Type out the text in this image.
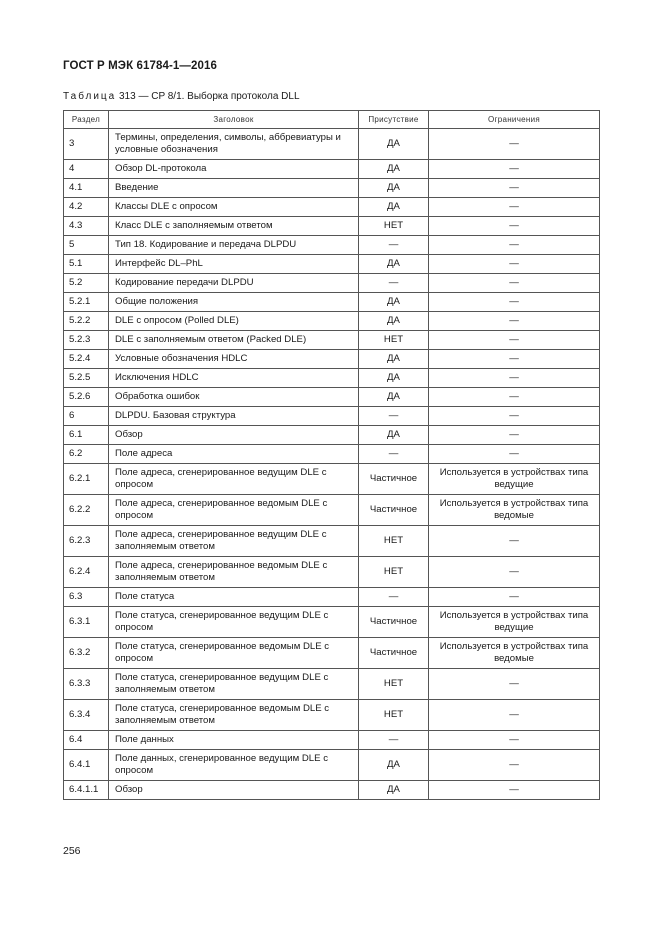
ГОСТ Р МЭК 61784-1—2016
Таблица 313 — CP 8/1. Выборка протокола DLL
Раздел	Заголовок	Присутствие	Ограничения
3	Термины, определения, символы, аббревиатуры и условные обозначения	ДА	—
4	Обзор DL-протокола	ДА	—
4.1	Введение	ДА	—
4.2	Классы DLE с опросом	ДА	—
4.3	Класс DLE с заполняемым ответом	НЕТ	—
5	Тип 18. Кодирование и передача DLPDU	—	—
5.1	Интерфейс DL–PhL	ДА	—
5.2	Кодирование передачи DLPDU	—	—
5.2.1	Общие положения	ДА	—
5.2.2	DLE с опросом (Polled DLE)	ДА	—
5.2.3	DLE с заполняемым ответом (Packed DLE)	НЕТ	—
5.2.4	Условные обозначения HDLC	ДА	—
5.2.5	Исключения HDLC	ДА	—
5.2.6	Обработка ошибок	ДА	—
6	DLPDU. Базовая структура	—	—
6.1	Обзор	ДА	—
6.2	Поле адреса	—	—
6.2.1	Поле адреса, сгенерированное ведущим DLE с опросом	Частичное	Используется в устройствах типа ведущие
6.2.2	Поле адреса, сгенерированное ведомым DLE с опросом	Частичное	Используется в устройствах типа ведомые
6.2.3	Поле адреса, сгенерированное ведущим DLE с заполняемым ответом	НЕТ	—
6.2.4	Поле адреса, сгенерированное ведомым DLE с заполняемым ответом	НЕТ	—
6.3	Поле статуса	—	—
6.3.1	Поле статуса, сгенерированное ведущим DLE с опросом	Частичное	Используется в устройствах типа ведущие
6.3.2	Поле статуса, сгенерированное ведомым DLE с опросом	Частичное	Используется в устройствах типа ведомые
6.3.3	Поле статуса, сгенерированное ведущим DLE с заполняемым ответом	НЕТ	—
6.3.4	Поле статуса, сгенерированное ведомым DLE с заполняемым ответом	НЕТ	—
6.4	Поле данных	—	—
6.4.1	Поле данных, сгенерированное ведущим DLE с опросом	ДА	—
6.4.1.1	Обзор	ДА	—
256
